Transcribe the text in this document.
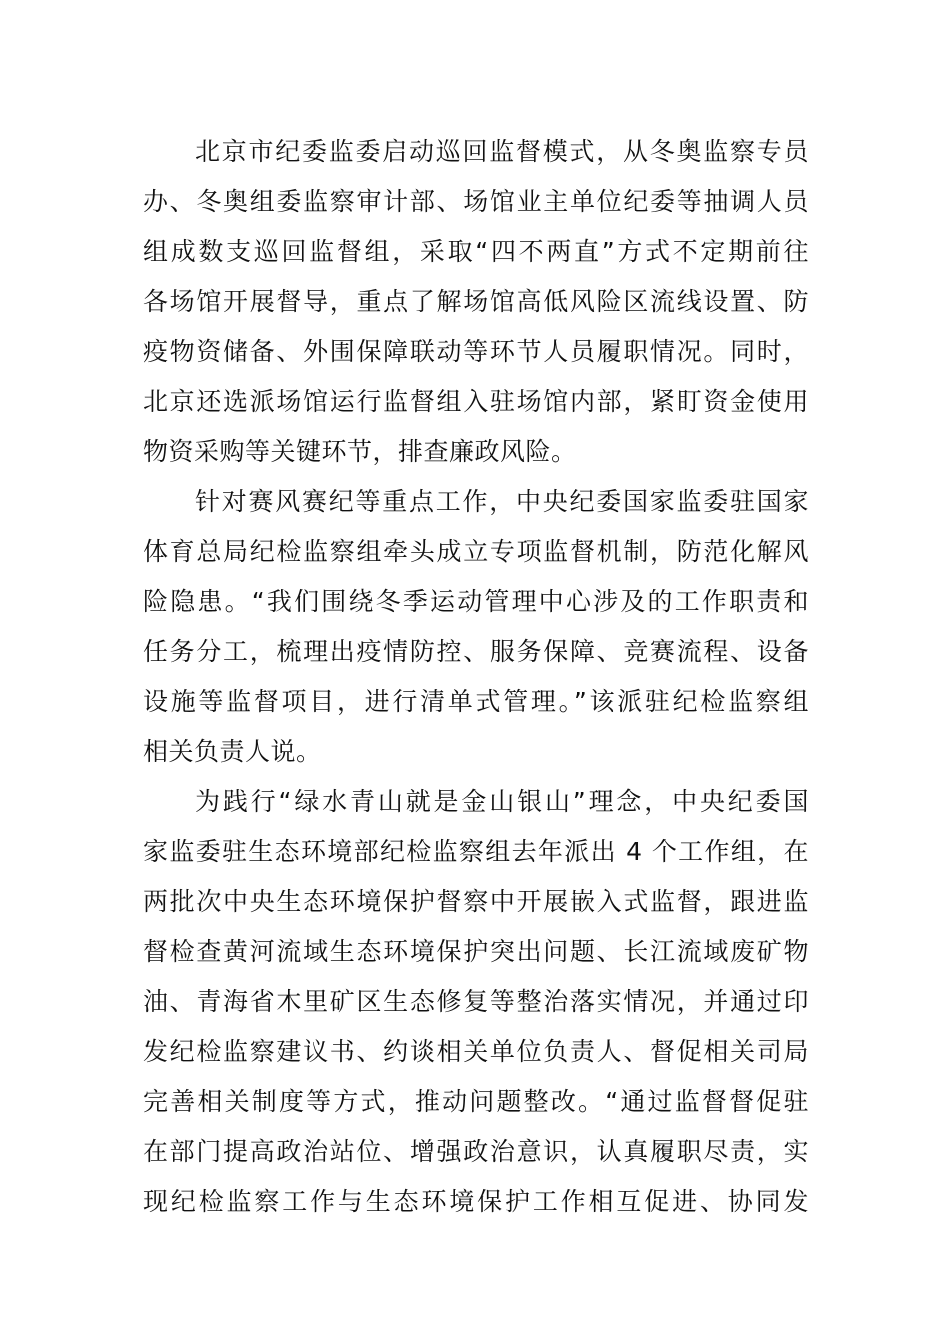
北京市纪委监委启动巡回监督模式，从冬奥监察专员
办、冬奥组委监察审计部、场馆业主单位纪委等抽调人员
组成数支巡回监督组，采取“四不两直”方式不定期前往
各场馆开展督导，重点了解场馆高低风险区流线设置、防
疫物资储备、外围保障联动等环节人员履职情况。同时，
北京还选派场馆运行监督组入驻场馆内部，紧盯资金使用
物资采购等关键环节，排查廉政风险。
针对赛风赛纪等重点工作，中央纪委国家监委驻国家
体育总局纪检监察组牵头成立专项监督机制，防范化解风
险隐患。“我们围绕冬季运动管理中心涉及的工作职责和
任务分工，梳理出疫情防控、服务保障、竞赛流程、设备
设施等监督项目，进行清单式管理。”该派驻纪检监察组
相关负责人说。
为践行“绿水青山就是金山银山”理念，中央纪委国
家监委驻生态环境部纪检监察组去年派出 4 个工作组，在
两批次中央生态环境保护督察中开展嵌入式监督，跟进监
督检查黄河流域生态环境保护突出问题、长江流域废矿物
油、青海省木里矿区生态修复等整治落实情况，并通过印
发纪检监察建议书、约谈相关单位负责人、督促相关司局
完善相关制度等方式，推动问题整改。“通过监督督促驻
在部门提高政治站位、增强政治意识，认真履职尽责，实
现纪检监察工作与生态环境保护工作相互促进、协同发
